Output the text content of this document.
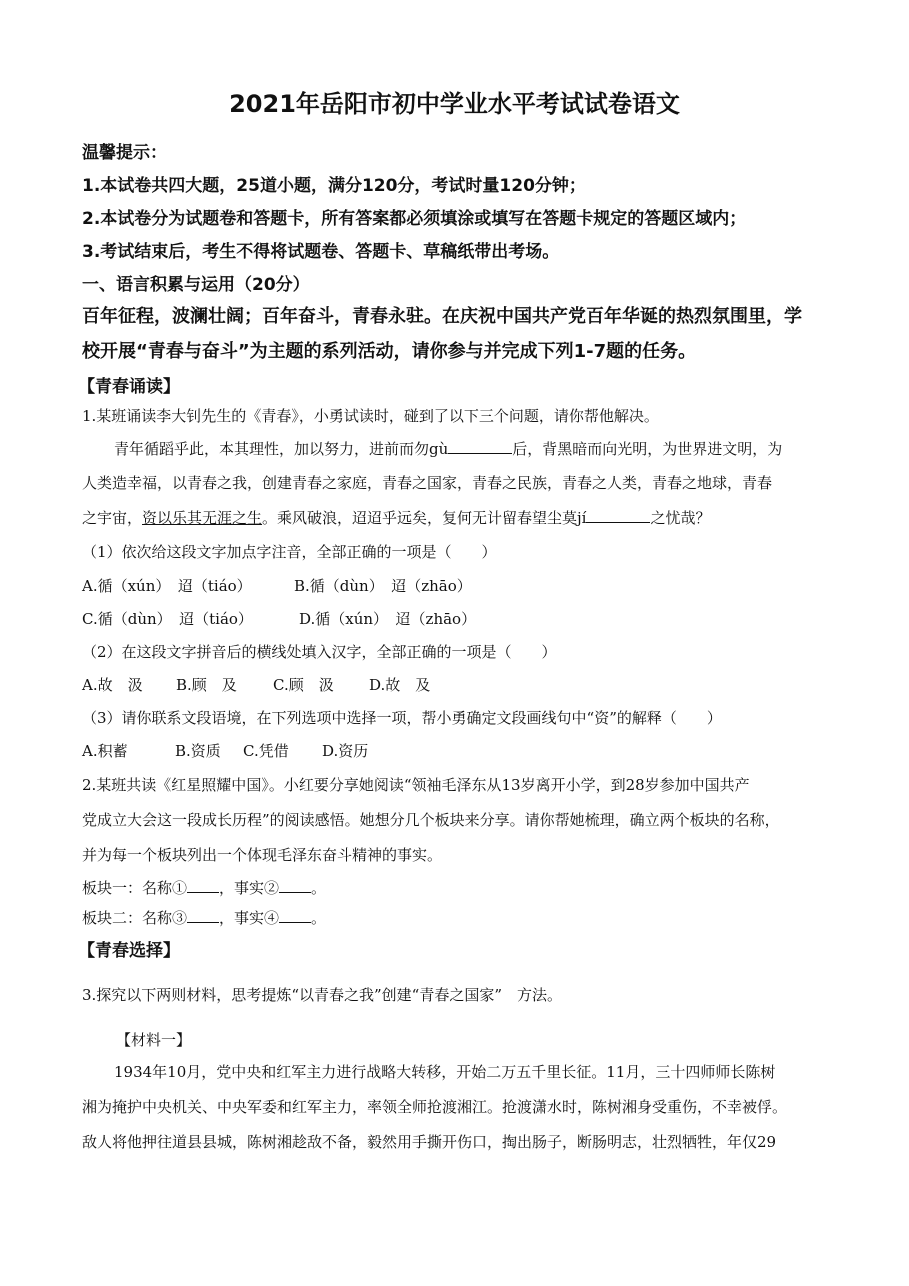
2021年岳阳市初中学业水平考试试卷语文
温馨提示：
1.本试卷共四大题，25道小题，满分120分，考试时量120分钟；
2.本试卷分为试题卷和答题卡，所有答案都必须填涂或填写在答题卡规定的答题区域内；
3.考试结束后，考生不得将试题卷、答题卡、草稿纸带出考场。
一、语言积累与运用（20分）
百年征程，波澜壮阔；百年奋斗，青春永驻。在庆祝中国共产党百年华诞的热烈氛围里，学
校开展“青春与奋斗”为主题的系列活动，请你参与并完成下列1-7题的任务。
【青春诵读】
1.某班诵读李大钊先生的《青春》，小勇试读时，碰到了以下三个问题，请你帮他解决。
青年循蹈乎此，本其理性，加以努力，进前而勿gù	后，背黑暗而向光明，为世界进文明，为
人类造幸福，以青春之我，创建青春之家庭，青春之国家，青春之民族，青春之人类，青春之地球，青春
之宇宙，资以乐其无涯之生。乘风破浪，迢迢乎远矣，复何无计留春望尘莫jí	之忧哉？
（1）依次给这段文字加点字注音，全部正确的一项是（　　）
A.循（xún）　迢（tiáo）	B.循（dùn）　迢（zhāo）
C.循（dùn）　迢（tiáo）	D.循（xún）　迢（zhāo）
（2）在这段文字拼音后的横线处填入汉字，全部正确的一项是（　　）
A.故　汲 B.顾　及 C.顾　汲 D.故　及
（3）请你联系文段语境，在下列选项中选择一项，帮小勇确定文段画线句中“资”的解释（　　）
A.积蓄	B.资质 C.凭借 D.资历
2.某班共读《红星照耀中国》。小红要分享她阅读“领袖毛泽东从13岁离开小学，到28岁参加中国共产
党成立大会这一段成长历程”的阅读感悟。她想分几个板块来分享。请你帮她梳理，确立两个板块的名称，
并为每一个板块列出一个体现毛泽东奋斗精神的事实。
板块一：名称① ，事实② 。
板块二：名称③ ，事实④ 。
【青春选择】
3.探究以下两则材料，思考提炼“以青春之我”创建“青春之国家”　方法。
【材料一】
1934年10月，党中央和红军主力进行战略大转移，开始二万五千里长征。11月，三十四师师长陈树
湘为掩护中央机关、中央军委和红军主力，率领全师抢渡湘江。抢渡潇水时，陈树湘身受重伤，不幸被俘。
敌人将他押往道县县城，陈树湘趁敌不备，毅然用手撕开伤口，掏出肠子，断肠明志，壮烈牺牲，年仅29
